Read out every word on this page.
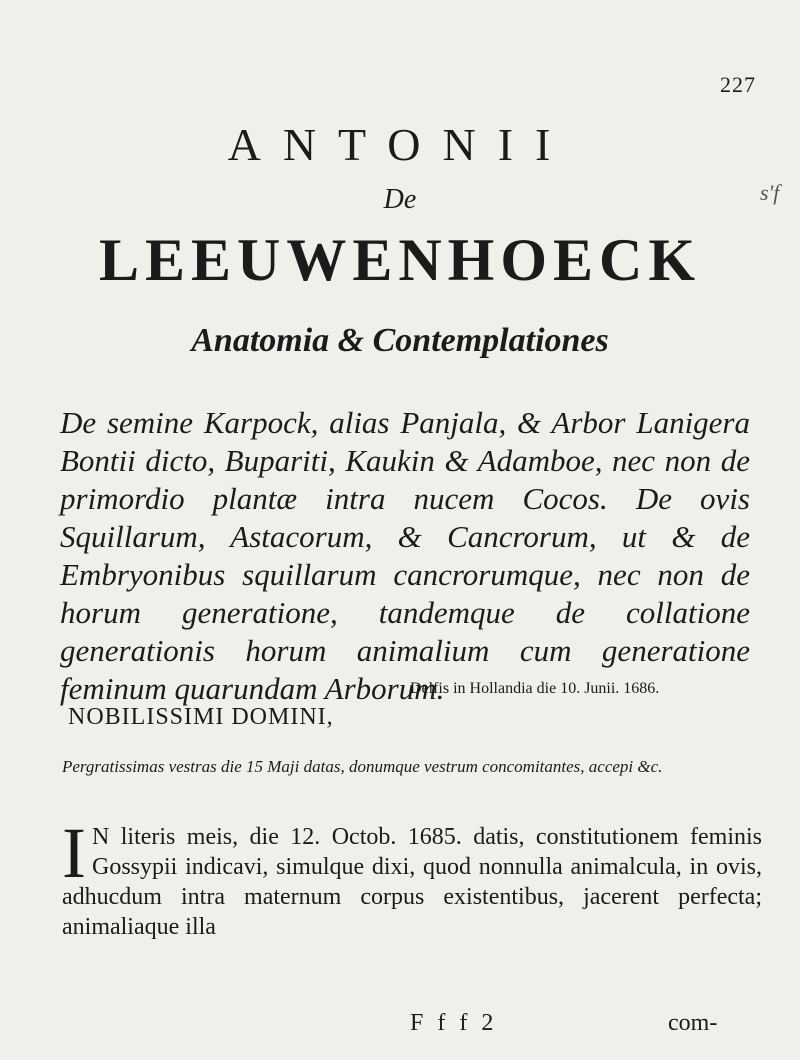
227
s'f
ANTONII
De
LEEUWENHOECK
Anatomia & Contemplationes
De semine Karpock, alias Panjala, & Arbor Lanigera Bontii dicto, Bupariti, Kaukin & Adamboe, nec non de primordio plantæ intra nucem Cocos. De ovis Squillarum, Astacorum, & Cancrorum, ut & de Embryonibus squillarum cancrorumque, nec non de horum generatione, tandemque de collatione generationis horum animalium cum generatione feminum quarundam Arborum.
Delfis in Hollandia die 10. Junii. 1686.
NOBILISSIMI DOMINI,
Pergratissimas vestras die 15 Maji datas, donumque vestrum concomitantes, accepi &c.
I N literis meis, die 12. Octob. 1685. datis, constitutionem feminis Gossypii indicavi, simulque dixi, quod nonnulla animalcula, in ovis, adhucdum intra maternum corpus existentibus, jacerent perfecta; animaliaque illa
F f f 2	com-
